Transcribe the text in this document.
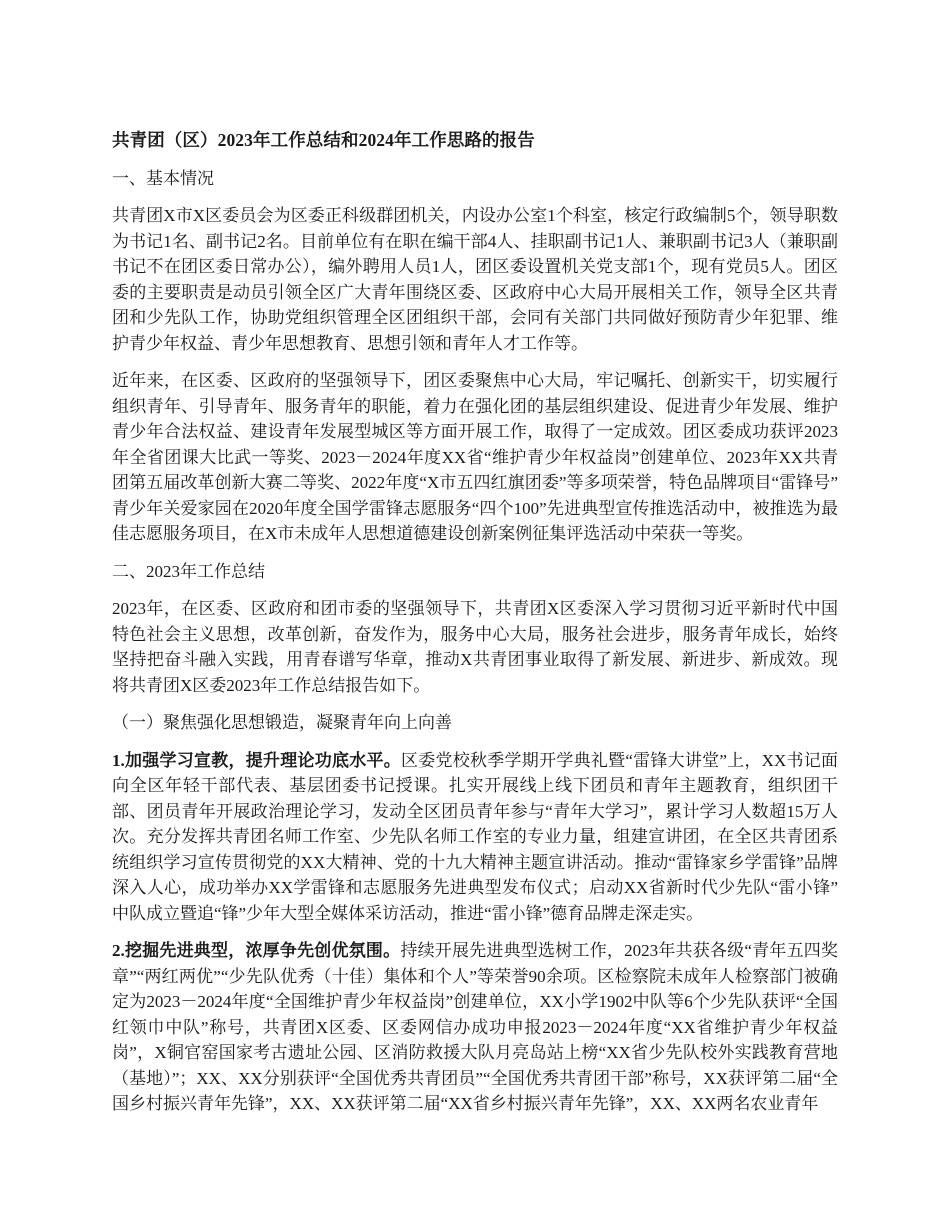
共青团（区）2023年工作总结和2024年工作思路的报告
一、基本情况

共青团X市X区委员会为区委正科级群团机关，内设办公室1个科室，核定行政编制5个，领导职数为书记1名、副书记2名。目前单位有在职在编干部4人、挂职副书记1人、兼职副书记3人（兼职副书记不在团区委日常办公），编外聘用人员1人，团区委设置机关党支部1个，现有党员5人。团区委的主要职责是动员引领全区广大青年围绕区委、区政府中心大局开展相关工作，领导全区共青团和少先队工作，协助党组织管理全区团组织干部，会同有关部门共同做好预防青少年犯罪、维护青少年权益、青少年思想教育、思想引领和青年人才工作等。

近年来，在区委、区政府的坚强领导下，团区委聚焦中心大局，牢记嘱托、创新实干，切实履行组织青年、引导青年、服务青年的职能，着力在强化团的基层组织建设、促进青少年发展、维护青少年合法权益、建设青年发展型城区等方面开展工作，取得了一定成效。团区委成功获评2023年全省团课大比武一等奖、2023－2024年度XX省“维护青少年权益岗”创建单位、2023年XX共青团第五届改革创新大赛二等奖、2022年度“X市五四红旗团委”等多项荣誉，特色品牌项目“雷锋号”青少年关爱家园在2020年度全国学雷锋志愿服务“四个100”先进典型宣传推选活动中，被推选为最佳志愿服务项目，在X市未成年人思想道德建设创新案例征集评选活动中荣获一等奖。

二、2023年工作总结

2023年，在区委、区政府和团市委的坚强领导下，共青团X区委深入学习贯彻习近平新时代中国特色社会主义思想，改革创新，奋发作为，服务中心大局，服务社会进步，服务青年成长，始终坚持把奋斗融入实践，用青春谱写华章，推动X共青团事业取得了新发展、新进步、新成效。现将共青团X区委2023年工作总结报告如下。

（一）聚焦强化思想锻造，凝聚青年向上向善

1.加强学习宣教，提升理论功底水平。区委党校秋季学期开学典礼暨“雷锋大讲堂”上，XX书记面向全区年轻干部代表、基层团委书记授课。扎实开展线上线下团员和青年主题教育，组织团干部、团员青年开展政治理论学习，发动全区团员青年参与“青年大学习”，累计学习人数超15万人次。充分发挥共青团名师工作室、少先队名师工作室的专业力量，组建宣讲团，在全区共青团系统组织学习宣传贯彻党的XX大精神、党的十九大精神主题宣讲活动。推动“雷锋家乡学雷锋”品牌深入人心，成功举办XX学雷锋和志愿服务先进典型发布仪式；启动XX省新时代少先队“雷小锋”中队成立暨追“锋”少年大型全媒体采访活动，推进“雷小锋”德育品牌走深走实。

2.挖掘先进典型，浓厚争先创优氛围。持续开展先进典型选树工作，2023年共获各级“青年五四奖章”“两红两优”“少先队优秀（十佳）集体和个人”等荣誉90余项。区检察院未成年人检察部门被确定为2023－2024年度“全国维护青少年权益岗”创建单位，XX小学1902中队等6个少先队获评“全国红领巾中队”称号，共青团X区委、区委网信办成功申报2023－2024年度“XX省维护青少年权益岗”，X铜官窑国家考古遗址公园、区消防救援大队月亮岛站上榜“XX省少先队校外实践教育营地（基地）”；XX、XX分别获评“全国优秀共青团员”“全国优秀共青团干部”称号，XX获评第二届“全国乡村振兴青年先锋”，XX、XX获评第二届“XX省乡村振兴青年先锋”，XX、XX两名农业青年
